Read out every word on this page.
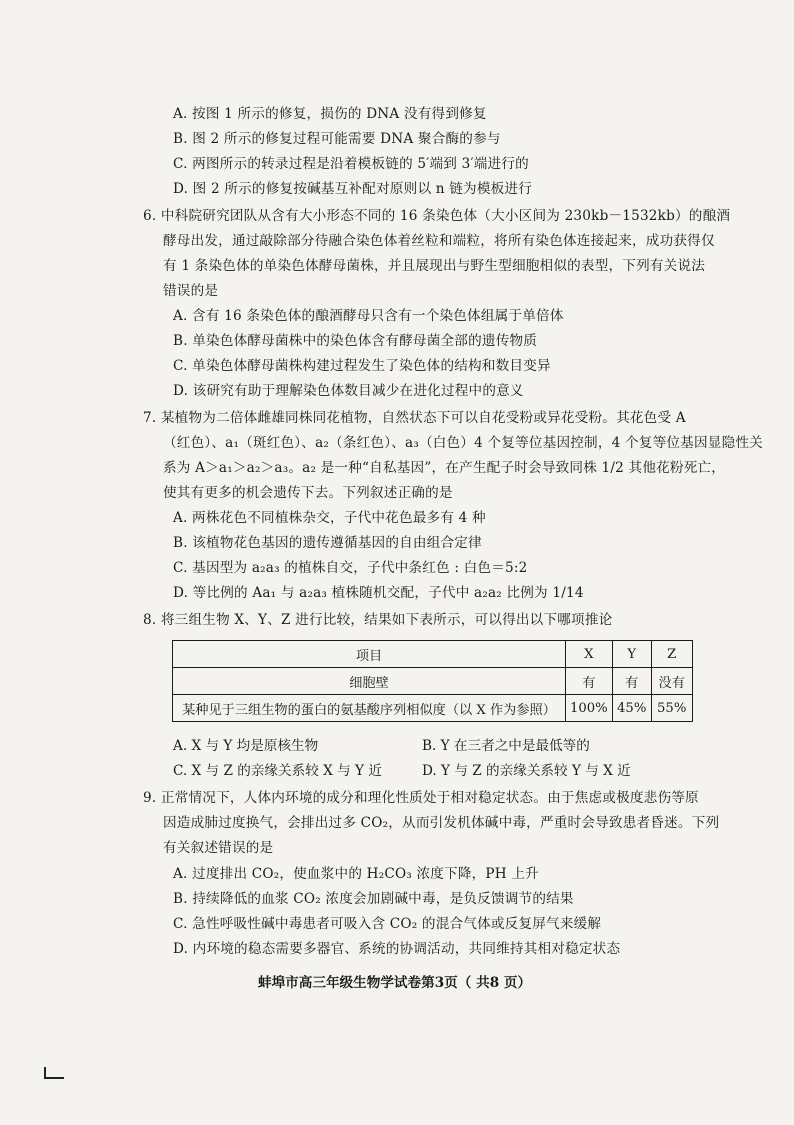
A. 按图 1 所示的修复，损伤的 DNA 没有得到修复
B. 图 2 所示的修复过程可能需要 DNA 聚合酶的参与
C. 两图所示的转录过程是沿着模板链的 5′端到 3′端进行的
D. 图 2 所示的修复按碱基互补配对原则以 n 链为模板进行
6. 中科院研究团队从含有大小形态不同的 16 条染色体（大小区间为 230kb－1532kb）的酿酒
酵母出发，通过敲除部分待融合染色体着丝粒和端粒，将所有染色体连接起来，成功获得仅
有 1 条染色体的单染色体酵母菌株，并且展现出与野生型细胞相似的表型，下列有关说法
错误的是
A. 含有 16 条染色体的酿酒酵母只含有一个染色体组属于单倍体
B. 单染色体酵母菌株中的染色体含有酵母菌全部的遗传物质
C. 单染色体酵母菌株构建过程发生了染色体的结构和数目变异
D. 该研究有助于理解染色体数目减少在进化过程中的意义
7. 某植物为二倍体雌雄同株同花植物，自然状态下可以自花受粉或异花受粉。其花色受 A
（红色）、a₁（斑红色）、a₂（条红色）、a₃（白色）4 个复等位基因控制，4 个复等位基因显隐性关
系为 A＞a₁＞a₂＞a₃。a₂ 是一种“自私基因”，在产生配子时会导致同株 1/2 其他花粉死亡，
使其有更多的机会遗传下去。下列叙述正确的是
A. 两株花色不同植株杂交，子代中花色最多有 4 种
B. 该植物花色基因的遗传遵循基因的自由组合定律
C. 基因型为 a₂a₃ 的植株自交，子代中条红色 : 白色＝5:2
D. 等比例的 Aa₁ 与 a₂a₃ 植株随机交配，子代中 a₂a₂ 比例为 1/14
8. 将三组生物 X、Y、Z 进行比较，结果如下表所示，可以得出以下哪项推论
项目	X	Y	Z
细胞壁	有	有	没有
某种见于三组生物的蛋白的氨基酸序列相似度（以 X 作为参照）	100%	45%	55%
A. X 与 Y 均是原核生物	B. Y 在三者之中是最低等的
C. X 与 Z 的亲缘关系较 X 与 Y 近	D. Y 与 Z 的亲缘关系较 Y 与 X 近
9. 正常情况下，人体内环境的成分和理化性质处于相对稳定状态。由于焦虑或极度悲伤等原
因造成肺过度换气，会排出过多 CO₂，从而引发机体碱中毒，严重时会导致患者昏迷。下列
有关叙述错误的是
A. 过度排出 CO₂，使血浆中的 H₂CO₃ 浓度下降，PH 上升
B. 持续降低的血浆 CO₂ 浓度会加剧碱中毒，是负反馈调节的结果
C. 急性呼吸性碱中毒患者可吸入含 CO₂ 的混合气体或反复屏气来缓解
D. 内环境的稳态需要多器官、系统的协调活动，共同维持其相对稳定状态
蚌埠市高三年级生物学试卷第3页（ 共8 页）
